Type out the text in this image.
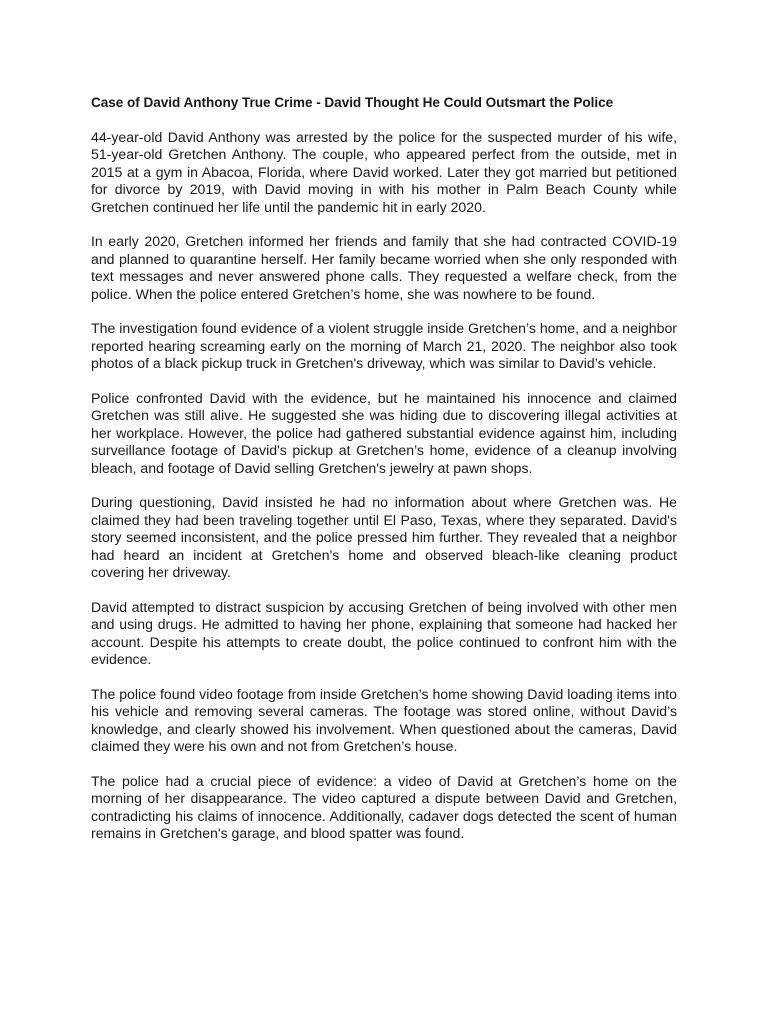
Case of David Anthony True Crime - David Thought He Could Outsmart the Police

44-year-old David Anthony was arrested by the police for the suspected murder of his wife, 51-year-old Gretchen Anthony. The couple, who appeared perfect from the outside, met in 2015 at a gym in Abacoa, Florida, where David worked. Later they got married but petitioned for divorce by 2019, with David moving in with his mother in Palm Beach County while Gretchen continued her life until the pandemic hit in early 2020.

In early 2020, Gretchen informed her friends and family that she had contracted COVID-19 and planned to quarantine herself. Her family became worried when she only responded with text messages and never answered phone calls. They requested a welfare check, from the police. When the police entered Gretchen’s home, she was nowhere to be found.

The investigation found evidence of a violent struggle inside Gretchen’s home, and a neighbor reported hearing screaming early on the morning of March 21, 2020. The neighbor also took photos of a black pickup truck in Gretchen's driveway, which was similar to David’s vehicle.

Police confronted David with the evidence, but he maintained his innocence and claimed Gretchen was still alive. He suggested she was hiding due to discovering illegal activities at her workplace. However, the police had gathered substantial evidence against him, including surveillance footage of David's pickup at Gretchen’s home, evidence of a cleanup involving bleach, and footage of David selling Gretchen's jewelry at pawn shops.

During questioning, David insisted he had no information about where Gretchen was. He claimed they had been traveling together until El Paso, Texas, where they separated. David's story seemed inconsistent, and the police pressed him further. They revealed that a neighbor had heard an incident at Gretchen's home and observed bleach-like cleaning product covering her driveway.

David attempted to distract suspicion by accusing Gretchen of being involved with other men and using drugs. He admitted to having her phone, explaining that someone had hacked her account. Despite his attempts to create doubt, the police continued to confront him with the evidence.

The police found video footage from inside Gretchen’s home showing David loading items into his vehicle and removing several cameras. The footage was stored online, without David’s knowledge, and clearly showed his involvement. When questioned about the cameras, David claimed they were his own and not from Gretchen’s house.

The police had a crucial piece of evidence: a video of David at Gretchen’s home on the morning of her disappearance. The video captured a dispute between David and Gretchen, contradicting his claims of innocence. Additionally, cadaver dogs detected the scent of human remains in Gretchen's garage, and blood spatter was found.
